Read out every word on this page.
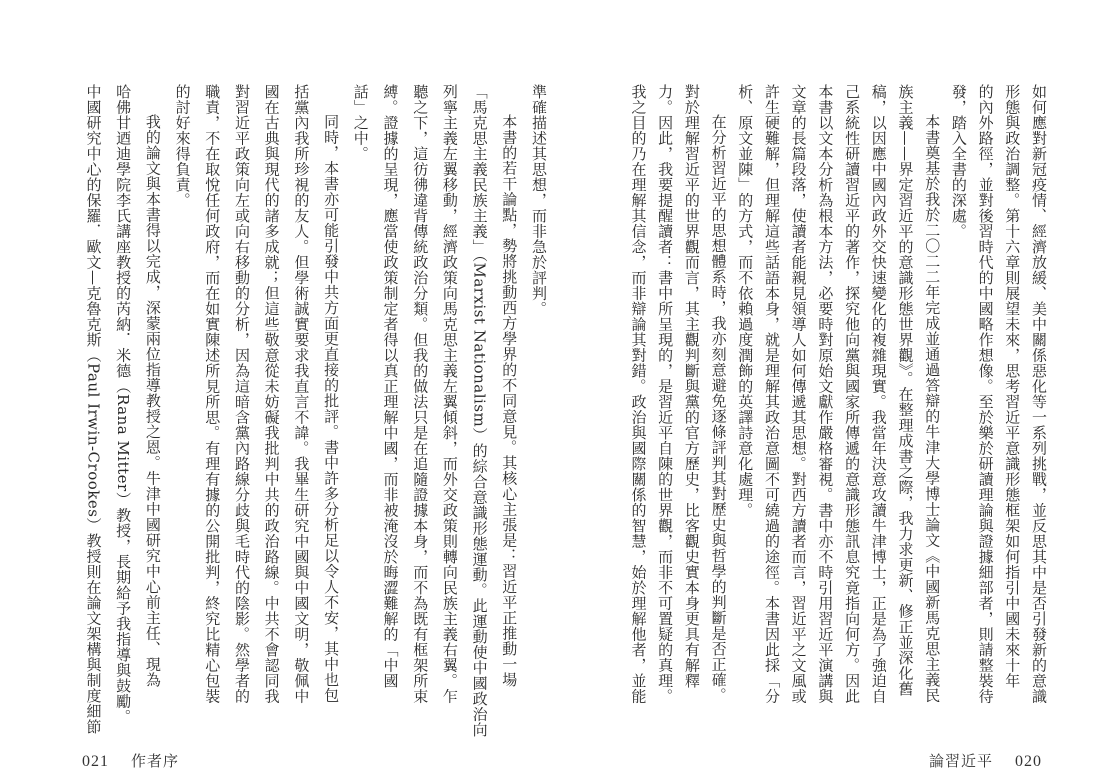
準確描述其思想，而非急於評判。
本書的若干論點，勢將挑動西方學界的不同意見。其核心主張是：習近平正推動一場
「馬克思主義民族主義」（Marxist Nationalism）的綜合意識形態運動。此運動使中國政治向
列寧主義左翼移動，經濟政策向馬克思主義左翼傾斜，而外交政策則轉向民族主義右翼。乍
聽之下，這彷彿違背傳統政治分類。但我的做法只是在追隨證據本身，而不為既有框架所束
縛。證據的呈現，應當使政策制定者得以真正理解中國，而非被淹沒於晦澀難解的「中國
話」之中。
同時，本書亦可能引發中共方面更直接的批評。書中許多分析足以令人不安，其中也包
括黨內我所珍視的友人。但學術誠實要求我直言不諱。我畢生研究中國與中國文明，敬佩中
國在古典與現代的諸多成就；但這些敬意從未妨礙我批判中共的政治路線。中共不會認同我
對習近平政策向左或向右移動的分析，因為這暗含黨內路線分歧與毛時代的陰影。然學者的
職責，不在取悅任何政府，而在如實陳述所見所思。有理有據的公開批判，終究比精心包裝
的討好來得負責。
我的論文與本書得以完成，深蒙兩位指導教授之恩。牛津中國研究中心前主任、現為
哈佛甘迺迪學院李氏講座教授的芮納．米德（Rana Mitter）教授，長期給予我指導與鼓勵。
中國研究中心的保羅．歐文—克魯克斯（Paul Irwin-Crookes）教授則在論文架構與制度細節	如何應對新冠疫情、經濟放緩、美中關係惡化等一系列挑戰，並反思其中是否引發新的意識
形態與政治調整。第十六章則展望未來，思考習近平意識形態框架如何指引中國未來十年
的內外路徑，並對後習時代的中國略作想像。至於樂於研讀理論與證據細部者，則請整裝待
發，踏入全書的深處。
本書奠基於我於二〇二二年完成並通過答辯的牛津大學博士論文《中國新馬克思主義民
族主義——界定習近平的意識形態世界觀》。在整理成書之際，我力求更新、修正並深化舊
稿，以因應中國內政外交快速變化的複雜現實。我當年決意攻讀牛津博士，正是為了強迫自
己系統性研讀習近平的著作，探究他向黨與國家所傳遞的意識形態訊息究竟指向何方。因此
本書以文本分析為根本方法，必要時對原始文獻作嚴格審視。書中亦不時引用習近平演講與
文章的長篇段落，使讀者能親見領導人如何傳遞其思想。對西方讀者而言，習近平之文風或
許生硬難解，但理解這些話語本身，就是理解其政治意圖不可繞過的途徑。本書因此採「分
析、原文並陳」的方式，而不依賴過度潤飾的英譯詩意化處理。
在分析習近平的思想體系時，我亦刻意避免逐條評判其對歷史與哲學的判斷是否正確。
對於理解習近平的世界觀而言，其主觀判斷與黨的官方歷史，比客觀史實本身更具有解釋
力。因此，我要提醒讀者：書中所呈現的，是習近平自陳的世界觀，而非不可置疑的真理。
我之目的乃在理解其信念，而非辯論其對錯。政治與國際關係的智慧，始於理解他者，並能
021 作者序	論習近平 020
